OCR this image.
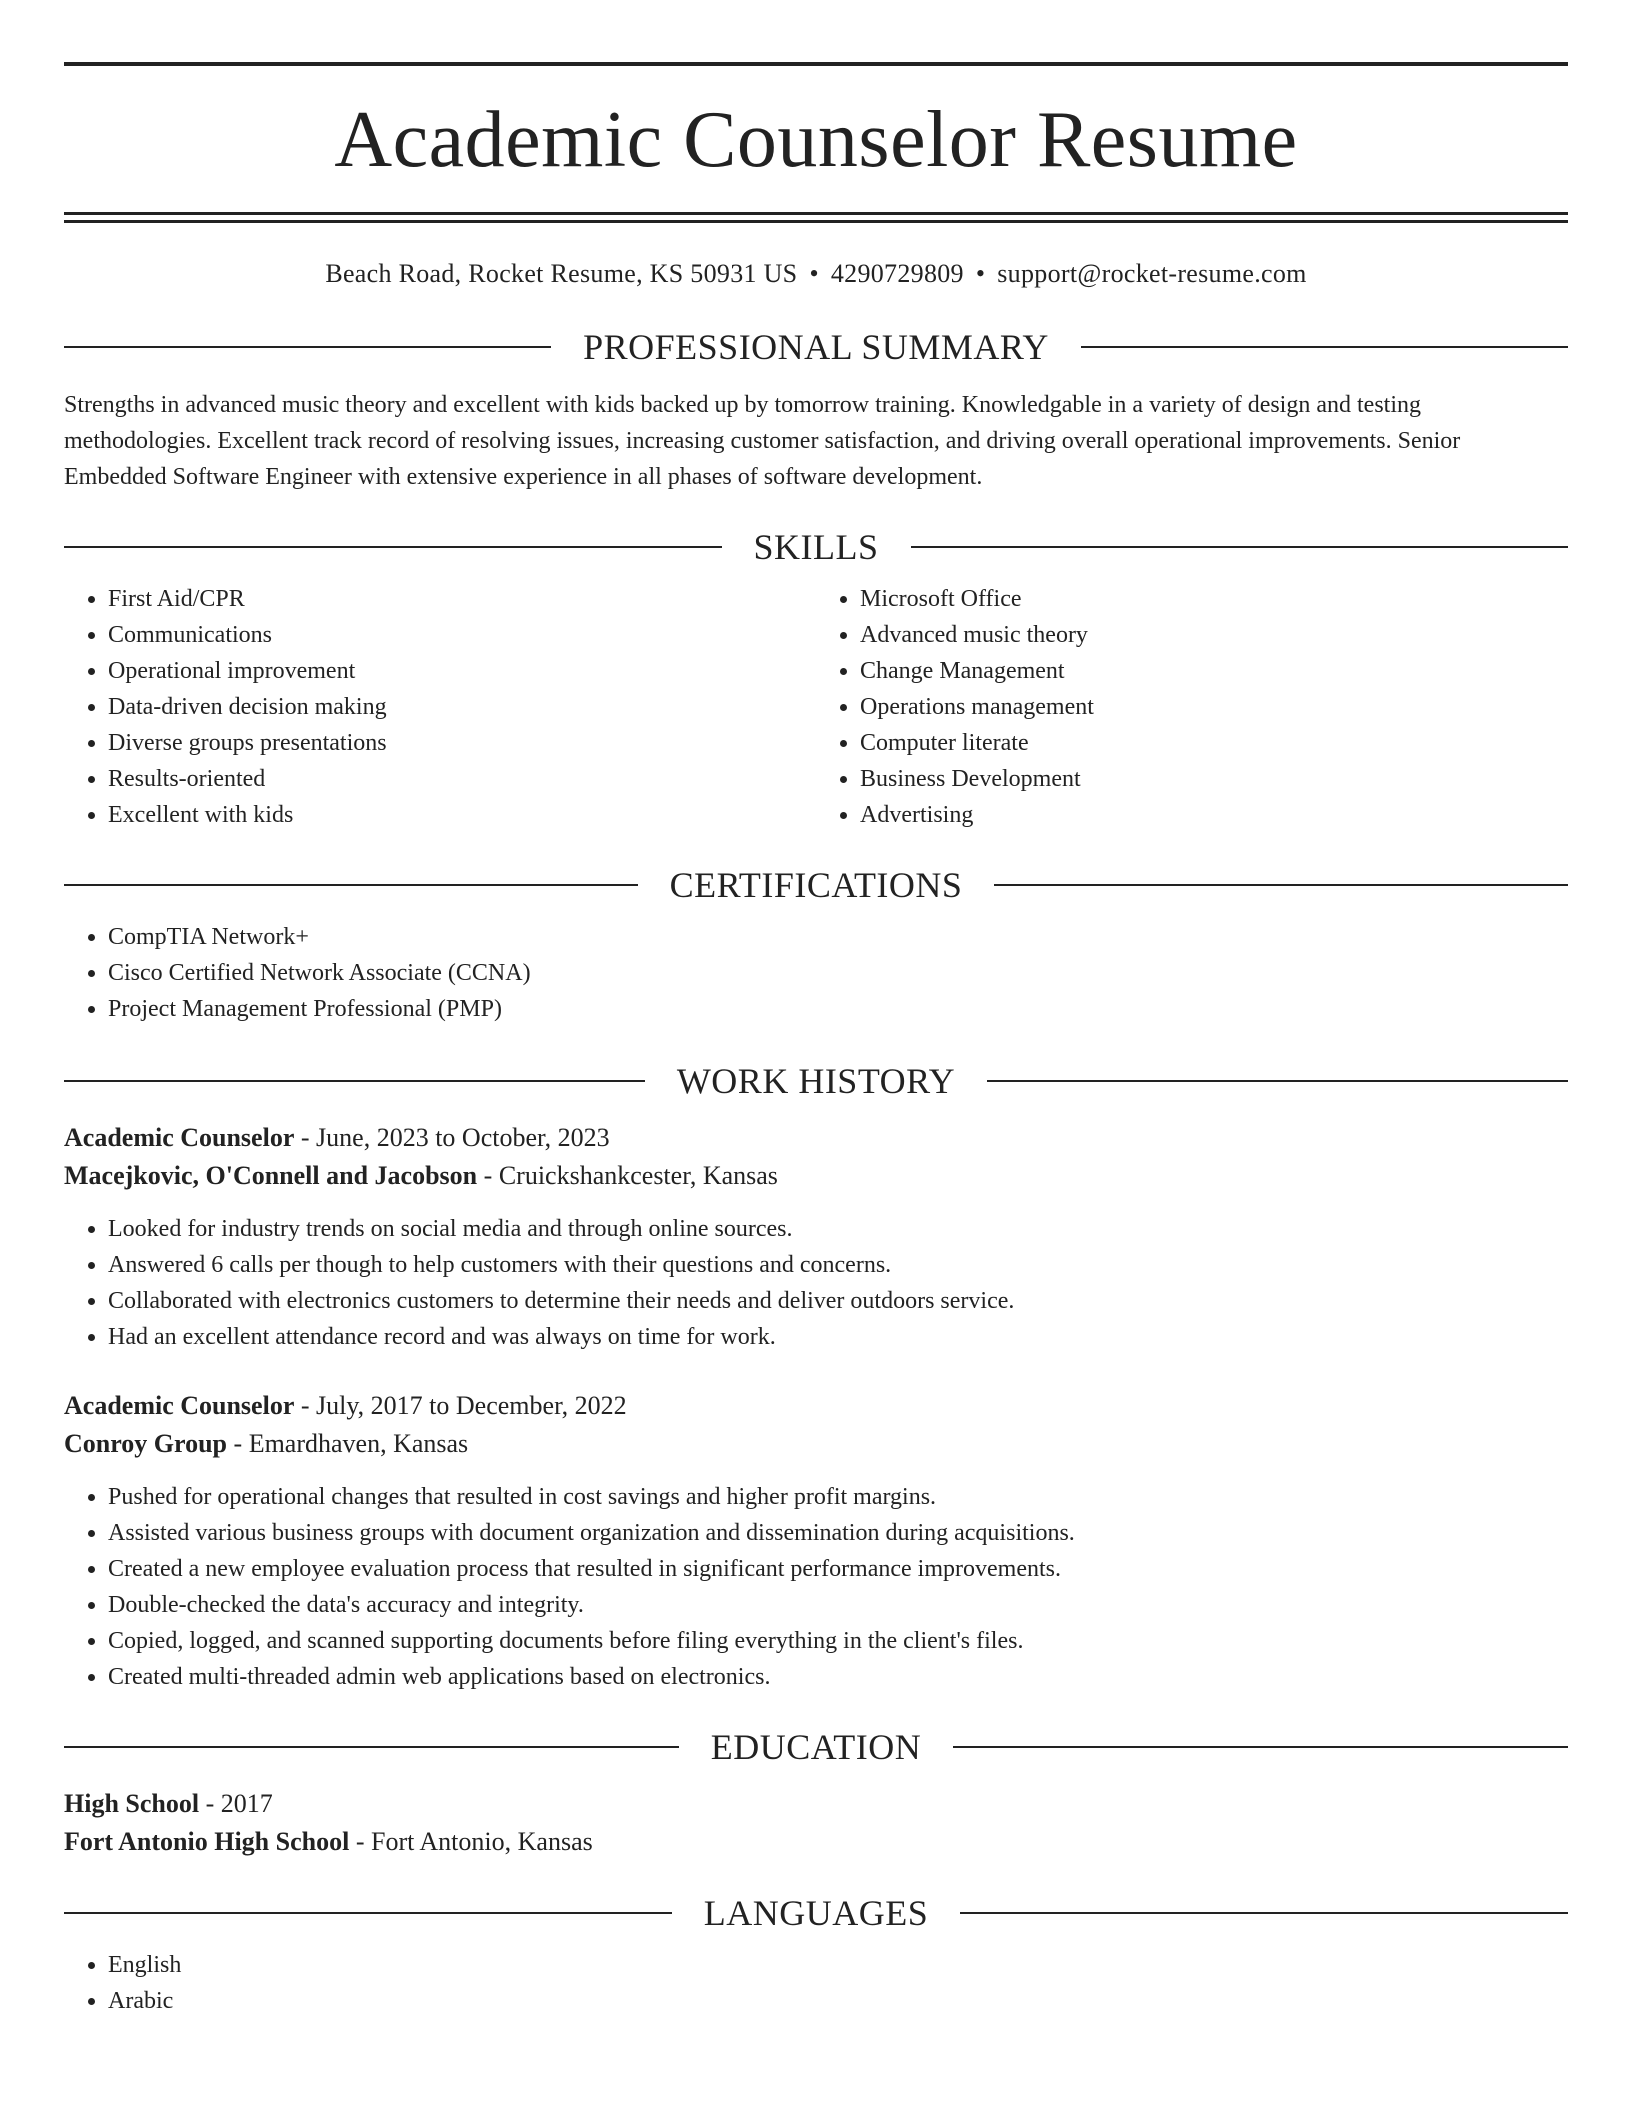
Academic Counselor Resume
Beach Road, Rocket Resume, KS 50931 US • 4290729809 • support@rocket-resume.com
PROFESSIONAL SUMMARY

Strengths in advanced music theory and excellent with kids backed up by tomorrow training. Knowledgable in a variety of design and testing methodologies. Excellent track record of resolving issues, increasing customer satisfaction, and driving overall operational improvements. Senior Embedded Software Engineer with extensive experience in all phases of software development.

SKILLS
• First Aid/CPR
• Communications
• Operational improvement
• Data-driven decision making
• Diverse groups presentations
• Results-oriented
• Excellent with kids
• Microsoft Office
• Advanced music theory
• Change Management
• Operations management
• Computer literate
• Business Development
• Advertising
CERTIFICATIONS
• CompTIA Network+
• Cisco Certified Network Associate (CCNA)
• Project Management Professional (PMP)
WORK HISTORY
Academic Counselor - June, 2023 to October, 2023
Macejkovic, O'Connell and Jacobson - Cruickshankcester, Kansas
• Looked for industry trends on social media and through online sources.
• Answered 6 calls per though to help customers with their questions and concerns.
• Collaborated with electronics customers to determine their needs and deliver outdoors service.
• Had an excellent attendance record and was always on time for work.
Academic Counselor - July, 2017 to December, 2022
Conroy Group - Emardhaven, Kansas
• Pushed for operational changes that resulted in cost savings and higher profit margins.
• Assisted various business groups with document organization and dissemination during acquisitions.
• Created a new employee evaluation process that resulted in significant performance improvements.
• Double-checked the data's accuracy and integrity.
• Copied, logged, and scanned supporting documents before filing everything in the client's files.
• Created multi-threaded admin web applications based on electronics.
EDUCATION
High School - 2017
Fort Antonio High School - Fort Antonio, Kansas
LANGUAGES
• English
• Arabic
